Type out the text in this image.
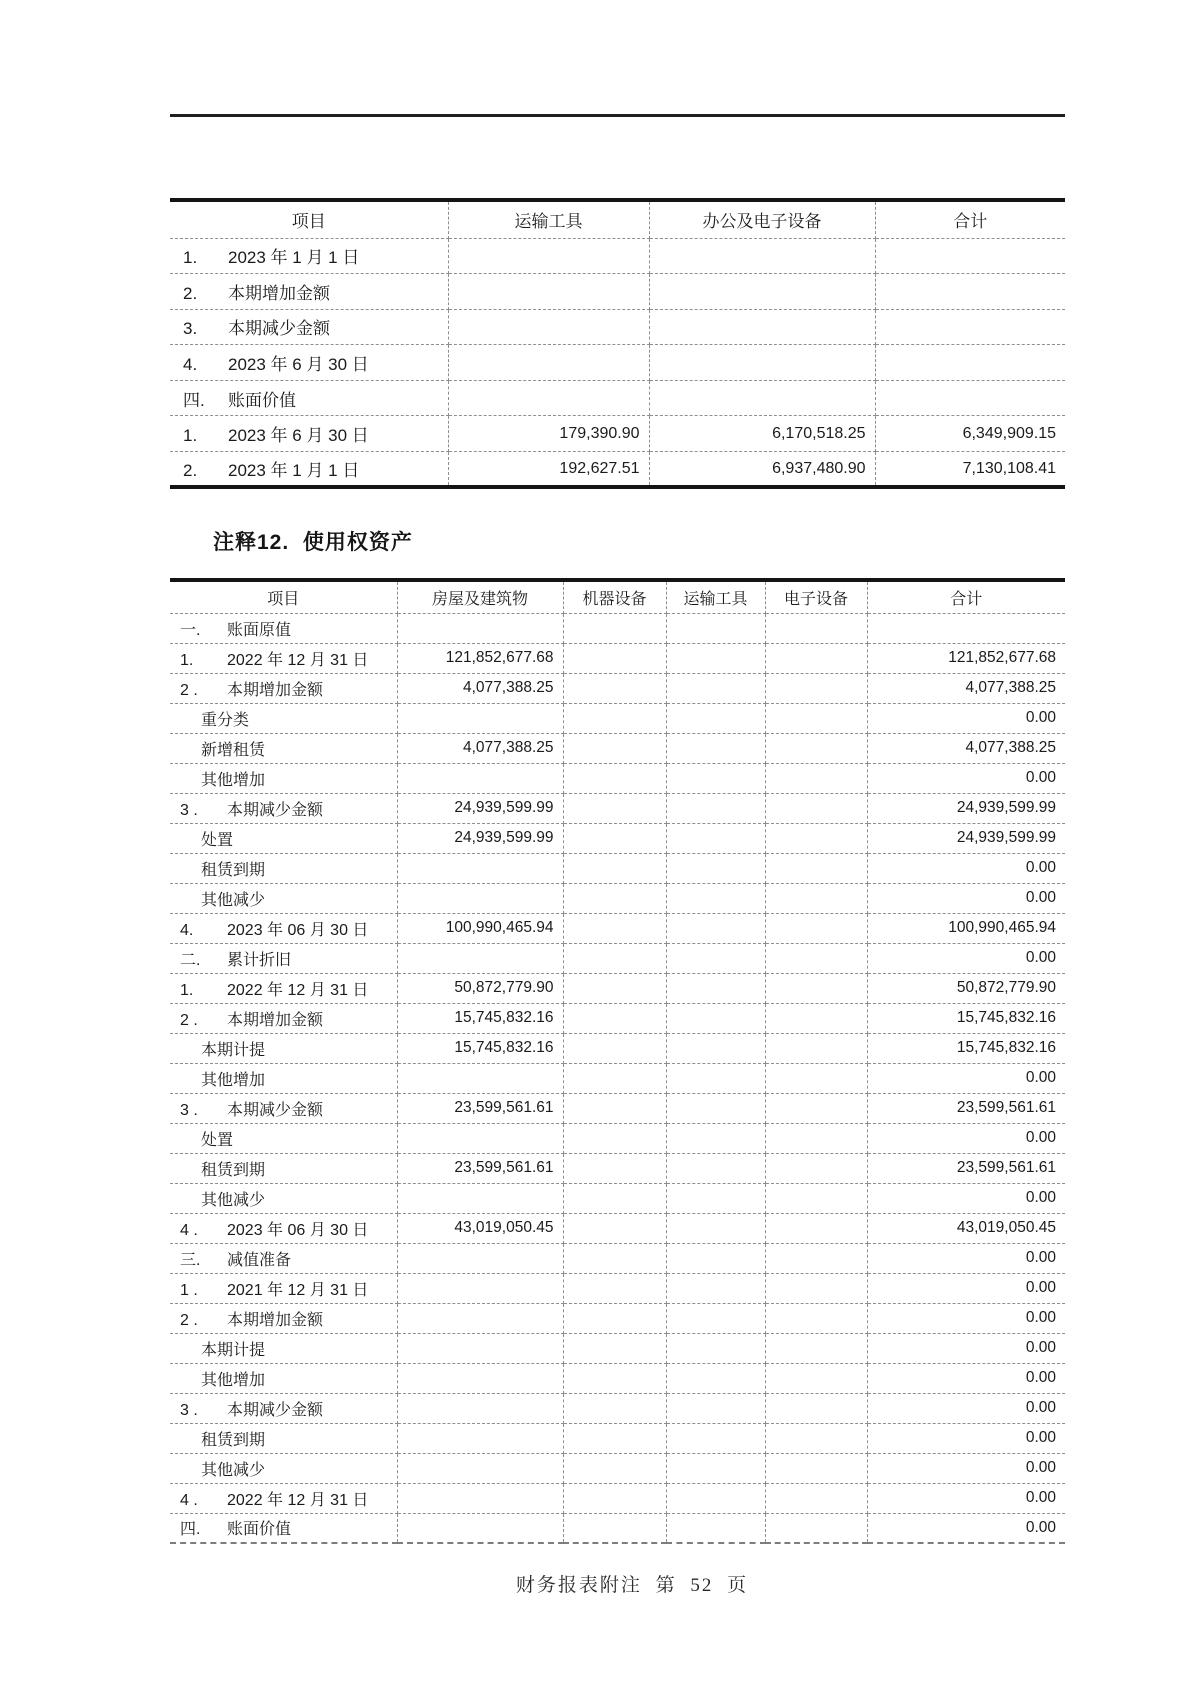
项目	运输工具	办公及电子设备	合计
1. 2023 年 1 月 1 日			
2. 本期增加金额			
3. 本期减少金额			
4. 2023 年 6 月 30 日			
四. 账面价值			
1. 2023 年 6 月 30 日	179,390.90	6,170,518.25	6,349,909.15
2. 2023 年 1 月 1 日	192,627.51	6,937,480.90	7,130,108.41
注释12.  使用权资产
项目	房屋及建筑物	机器设备	运输工具	电子设备	合计
一. 账面原值					
1. 2022 年 12 月 31 日	121,852,677.68				121,852,677.68
2 . 本期增加金额	4,077,388.25				4,077,388.25
重分类					0.00
新增租赁	4,077,388.25				4,077,388.25
其他增加					0.00
3 . 本期减少金额	24,939,599.99				24,939,599.99
处置	24,939,599.99				24,939,599.99
租赁到期					0.00
其他减少					0.00
4. 2023 年 06 月 30 日	100,990,465.94				100,990,465.94
二. 累计折旧					0.00
1. 2022 年 12 月 31 日	50,872,779.90				50,872,779.90
2 . 本期增加金额	15,745,832.16				15,745,832.16
本期计提	15,745,832.16				15,745,832.16
其他增加					0.00
3 . 本期减少金额	23,599,561.61				23,599,561.61
处置					0.00
租赁到期	23,599,561.61				23,599,561.61
其他减少					0.00
4 . 2023 年 06 月 30 日	43,019,050.45				43,019,050.45
三. 减值准备					0.00
1 . 2021 年 12 月 31 日					0.00
2 . 本期增加金额					0.00
本期计提					0.00
其他增加					0.00
3 . 本期减少金额					0.00
租赁到期					0.00
其他减少					0.00
4 . 2022 年 12 月 31 日					0.00
四. 账面价值					0.00
财务报表附注 第 52 页
